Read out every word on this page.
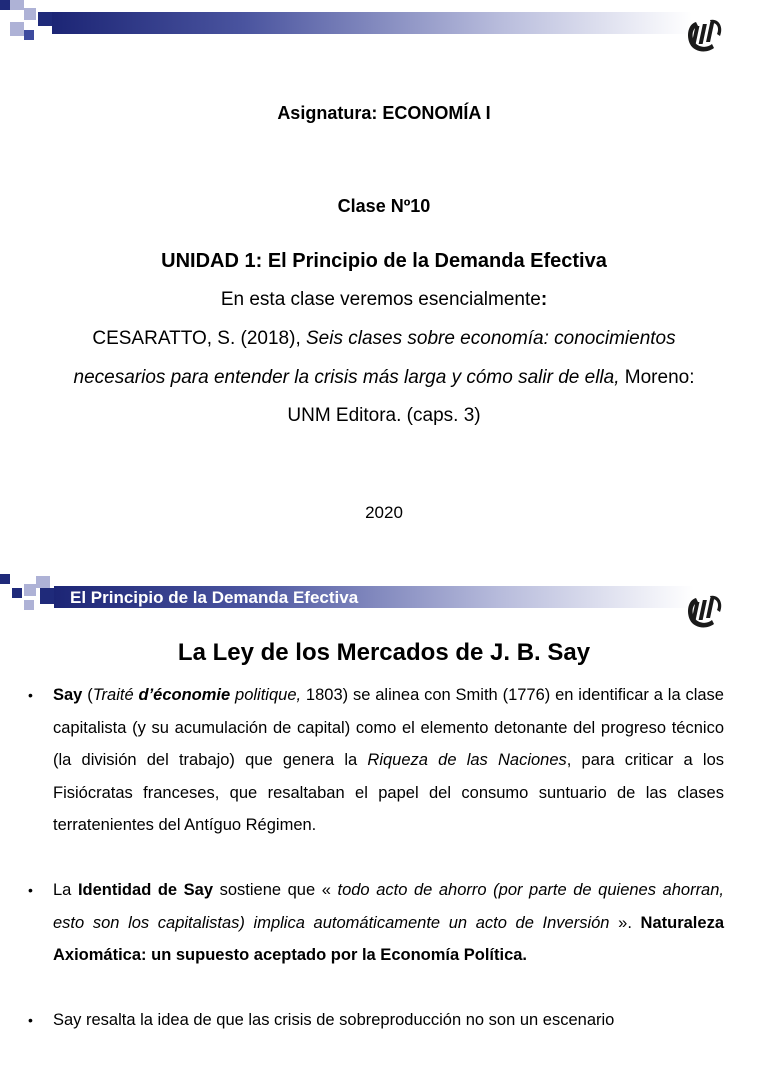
Asignatura: ECONOMÍA I
Clase Nº10
UNIDAD 1: El Principio de la Demanda Efectiva
En esta clase veremos esencialmente:
CESARATTO, S. (2018), Seis clases sobre economía: conocimientos necesarios para entender la crisis más larga y cómo salir de ella, Moreno: UNM Editora. (caps. 3)
2020
El Principio de la Demanda Efectiva
La Ley de los Mercados de J. B. Say
• Say (Traité d’économie politique, 1803) se alinea con Smith (1776) en identificar a la clase capitalista (y su acumulación de capital) como el elemento detonante del progreso técnico (la división del trabajo) que genera la Riqueza de las Naciones, para criticar a los Fisiócratas franceses, que resaltaban el papel del consumo suntuario de las clases terratenientes del Antíguo Régimen.
• La Identidad de Say sostiene que « todo acto de ahorro (por parte de quienes ahorran, esto son los capitalistas) implica automáticamente un acto de Inversión ». Naturaleza Axiomática: un supuesto aceptado por la Economía Política.
• Say resalta la idea de que las crisis de sobreproducción no son un escenario
